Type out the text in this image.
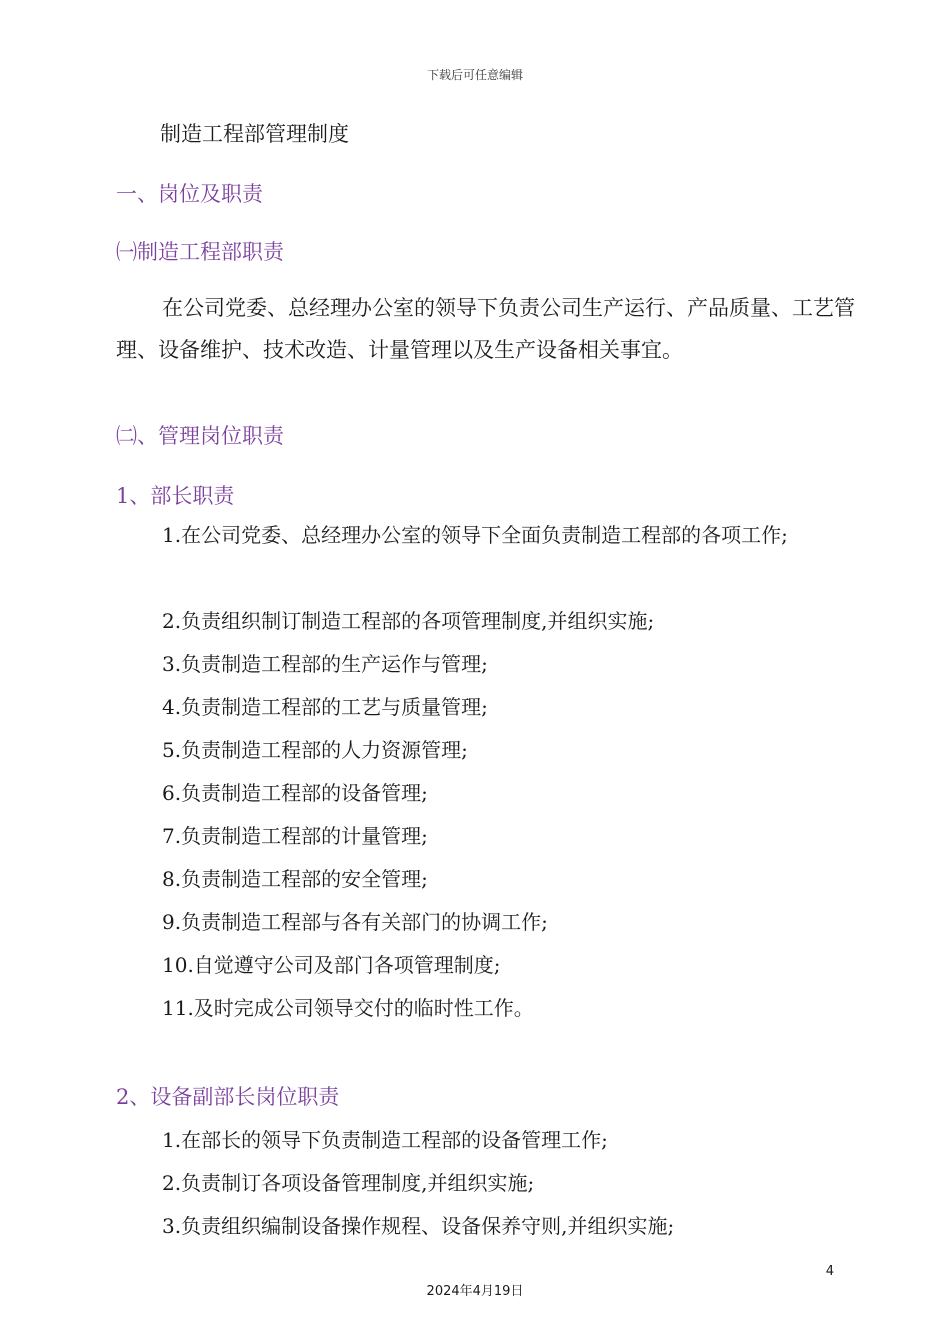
下载后可任意编辑
制造工程部管理制度
一、岗位及职责
㈠制造工程部职责
在公司党委、总经理办公室的领导下负责公司生产运行、产品质量、工艺管理、设备维护、技术改造、计量管理以及生产设备相关事宜。
㈡、管理岗位职责
1、部长职责
1.在公司党委、总经理办公室的领导下全面负责制造工程部的各项工作;
2.负责组织制订制造工程部的各项管理制度,并组织实施;
3.负责制造工程部的生产运作与管理;
4.负责制造工程部的工艺与质量管理;
5.负责制造工程部的人力资源管理;
6.负责制造工程部的设备管理;
7.负责制造工程部的计量管理;
8.负责制造工程部的安全管理;
9.负责制造工程部与各有关部门的协调工作;
10.自觉遵守公司及部门各项管理制度;
11.及时完成公司领导交付的临时性工作。
2、设备副部长岗位职责
1.在部长的领导下负责制造工程部的设备管理工作;
2.负责制订各项设备管理制度,并组织实施;
3.负责组织编制设备操作规程、设备保养守则,并组织实施;
4
2024年4月19日
